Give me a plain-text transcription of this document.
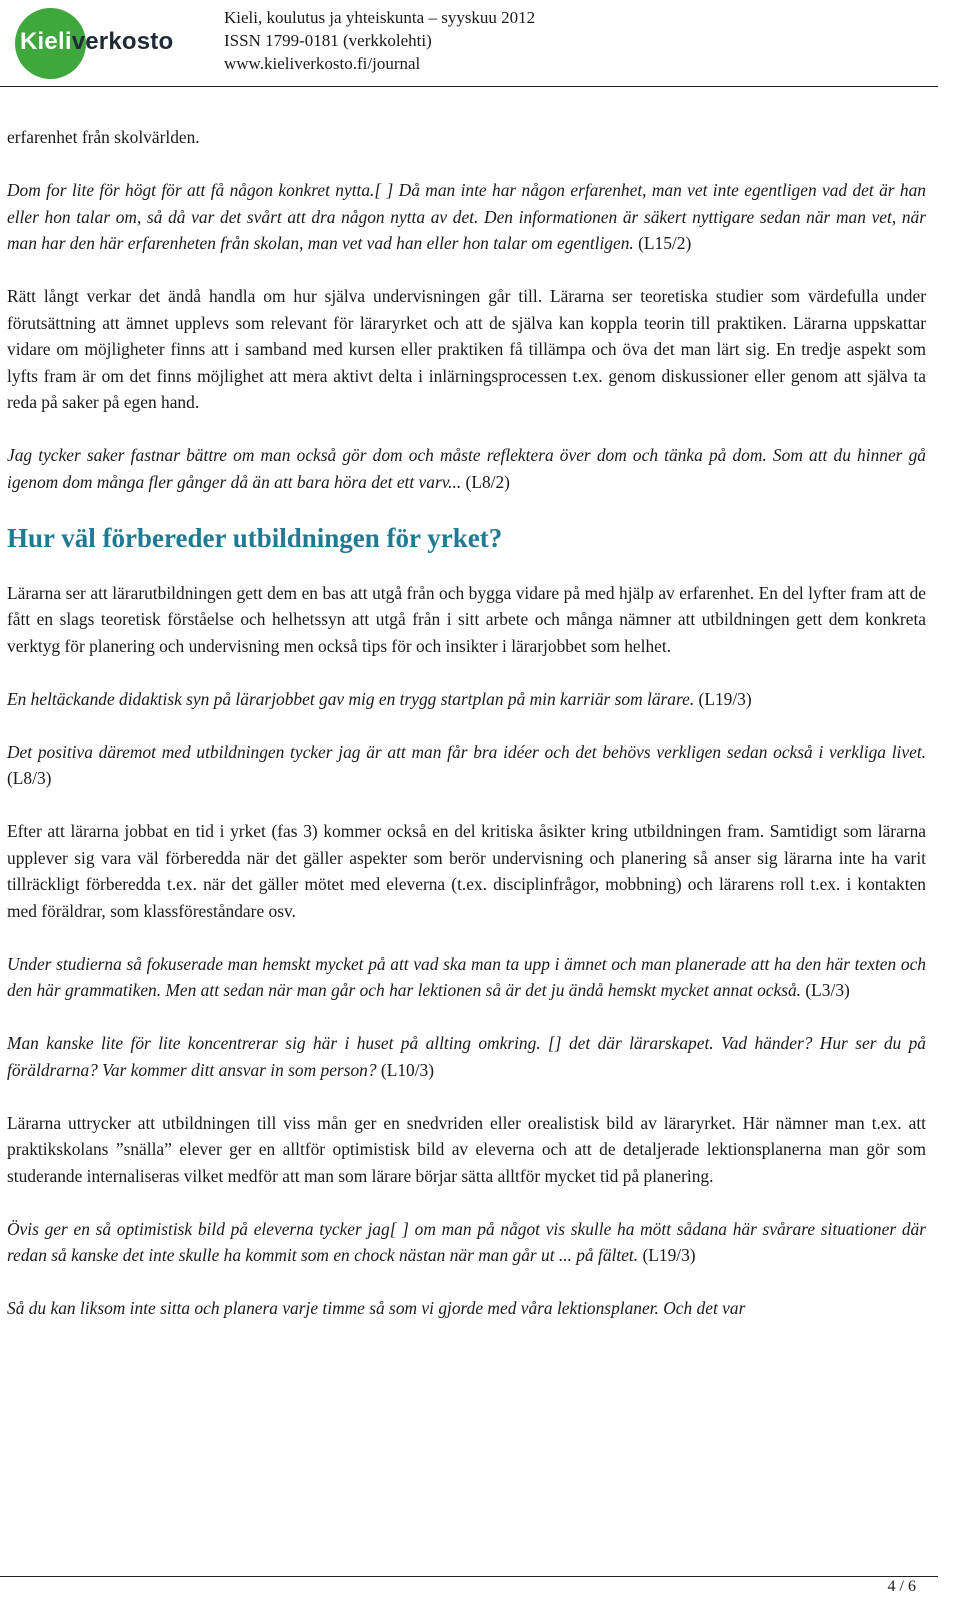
Kieliverkosto
Kieli, koulutus ja yhteiskunta – syyskuu 2012
ISSN 1799-0181 (verkkolehti)
www.kieliverkosto.fi/journal

erfarenhet från skolvärlden.

Dom for lite för högt för att få någon konkret nytta.[ ] Då man inte har någon erfarenhet, man vet inte egentligen vad det är han eller hon talar om, så då var det svårt att dra någon nytta av det. Den informationen är säkert nyttigare sedan när man vet, när man har den här erfarenheten från skolan, man vet vad han eller hon talar om egentligen. (L15/2)

Rätt långt verkar det ändå handla om hur själva undervisningen går till. Lärarna ser teoretiska studier som värdefulla under förutsättning att ämnet upplevs som relevant för läraryrket och att de själva kan koppla teorin till praktiken. Lärarna uppskattar vidare om möjligheter finns att i samband med kursen eller praktiken få tillämpa och öva det man lärt sig. En tredje aspekt som lyfts fram är om det finns möjlighet att mera aktivt delta i inlärningsprocessen t.ex. genom diskussioner eller genom att själva ta reda på saker på egen hand.

Jag tycker saker fastnar bättre om man också gör dom och måste reflektera över dom och tänka på dom. Som att du hinner gå igenom dom många fler gånger då än att bara höra det ett varv... (L8/2)

Hur väl förbereder utbildningen för yrket?

Lärarna ser att lärarutbildningen gett dem en bas att utgå från och bygga vidare på med hjälp av erfarenhet. En del lyfter fram att de fått en slags teoretisk förståelse och helhetssyn att utgå från i sitt arbete och många nämner att utbildningen gett dem konkreta verktyg för planering och undervisning men också tips för och insikter i lärarjobbet som helhet.

En heltäckande didaktisk syn på lärarjobbet gav mig en trygg startplan på min karriär som lärare. (L19/3)

Det positiva däremot med utbildningen tycker jag är att man får bra idéer och det behövs verkligen sedan också i verkliga livet. (L8/3)

Efter att lärarna jobbat en tid i yrket (fas 3) kommer också en del kritiska åsikter kring utbildningen fram. Samtidigt som lärarna upplever sig vara väl förberedda när det gäller aspekter som berör undervisning och planering så anser sig lärarna inte ha varit tillräckligt förberedda t.ex. när det gäller mötet med eleverna (t.ex. disciplinfrågor, mobbning) och lärarens roll t.ex. i kontakten med föräldrar, som klassföreståndare osv.

Under studierna så fokuserade man hemskt mycket på att vad ska man ta upp i ämnet och man planerade att ha den här texten och den här grammatiken. Men att sedan när man går och har lektionen så är det ju ändå hemskt mycket annat också. (L3/3)

Man kanske lite för lite koncentrerar sig här i huset på allting omkring. [] det där lärarskapet. Vad händer? Hur ser du på föräldrarna? Var kommer ditt ansvar in som person? (L10/3)

Lärarna uttrycker att utbildningen till viss mån ger en snedvriden eller orealistisk bild av läraryrket. Här nämner man t.ex. att praktikskolans ”snälla” elever ger en alltför optimistisk bild av eleverna och att de detaljerade lektionsplanerna man gör som studerande internaliseras vilket medför att man som lärare börjar sätta alltför mycket tid på planering.

Övis ger en så optimistisk bild på eleverna tycker jag[ ] om man på något vis skulle ha mött sådana här svårare situationer där redan så kanske det inte skulle ha kommit som en chock nästan när man går ut ... på fältet. (L19/3)

Så du kan liksom inte sitta och planera varje timme så som vi gjorde med våra lektionsplaner. Och det var

4 / 6
